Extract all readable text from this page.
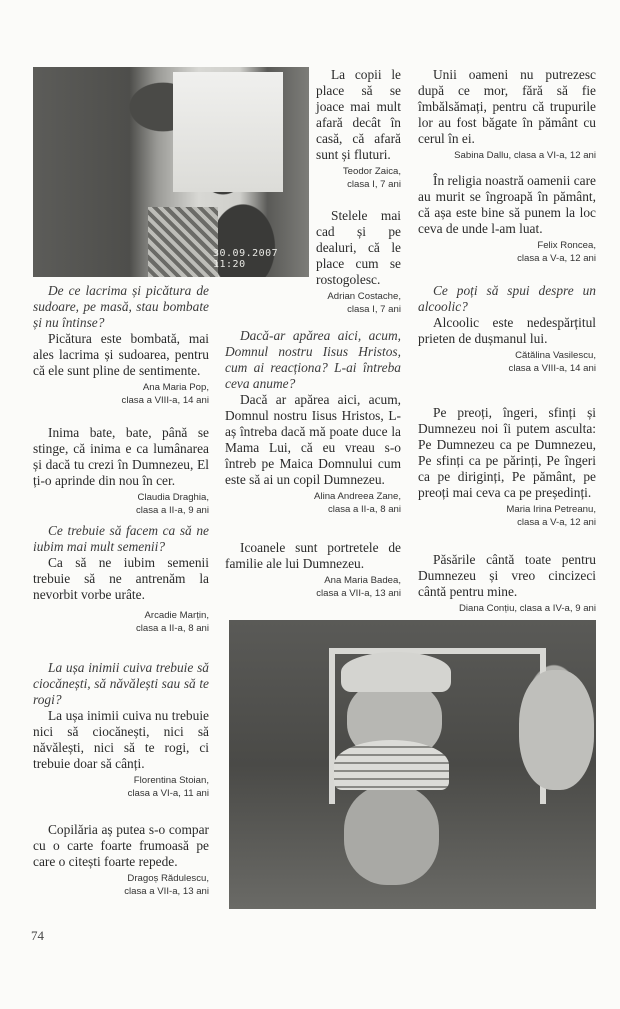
30.09.2007 11:20

De ce lacrima și picătura de sudoare, pe masă, stau bombate și nu întinse?

Picătura este bombată, mai ales lacrima și sudoarea, pentru că ele sunt pline de sentimente.

Ana Maria Pop,
clasa a VIII-a, 14 ani

Inima bate, bate, până se stinge, că inima e ca lumânarea și dacă tu crezi în Dumnezeu, El ți-o aprinde din nou în cer.

Claudia Draghia,
clasa a II-a, 9 ani

Ce trebuie să facem ca să ne iubim mai mult semenii?

Ca să ne iubim semenii trebuie să ne antrenăm la nevorbit vorbe urâte.

Arcadie Marțin,
clasa a II-a, 8 ani

La ușa inimii cuiva trebuie să ciocănești, să năvălești sau să te rogi?

La ușa inimii cuiva nu trebuie nici să ciocănești, nici să năvălești, nici să te rogi, ci trebuie doar să cânți.

Florentina Stoian,
clasa a VI-a, 11 ani

Copilăria aș putea s-o compar cu o carte foarte frumoasă pe care o citești foarte repede.

Dragoș Rădulescu,
clasa a VII-a, 13 ani

La copii le place să se joace mai mult afară decât în casă, că afară sunt și fluturi.

Teodor Zaica,
clasa I, 7 ani

Stelele mai cad și pe dealuri, că le place cum se rostogolesc.

Adrian Costache,
clasa I, 7 ani

Dacă-ar apărea aici, acum, Domnul nostru Iisus Hristos, cum ai reacționa? L-ai întreba ceva anume?

Dacă ar apărea aici, acum, Domnul nostru Iisus Hristos, L-aș întreba dacă mă poate duce la Mama Lui, că eu vreau s-o întreb pe Maica Domnului cum este să ai un copil Dumnezeu.

Alina Andreea Zane,
clasa a II-a, 8 ani

Icoanele sunt portretele de familie ale lui Dumnezeu.

Ana Maria Badea,
clasa a VII-a, 13 ani

Unii oameni nu putrezesc după ce mor, fără să fie îmbălsămați, pentru că trupurile lor au fost băgate în pământ cu cerul în ei.

Sabina Dallu, clasa a VI-a, 12 ani

În religia noastră oamenii care au murit se îngroapă în pământ, că așa este bine să punem la loc ceva de unde l-am luat.

Felix Roncea,
clasa a V-a, 12 ani

Ce poți să spui despre un alcoolic?

Alcoolic este nedespărțitul prieten de dușmanul lui.

Cătălina Vasilescu,
clasa a VIII-a, 14 ani

Pe preoți, îngeri, sfinți și Dumnezeu noi îi putem asculta: Pe Dumnezeu ca pe Dumnezeu, Pe sfinți ca pe părinți, Pe îngeri ca pe diriginți, Pe pământ, pe preoți mai ceva ca pe președinți.

Maria Irina Petreanu,
clasa a V-a, 12 ani

Păsările cântă toate pentru Dumnezeu și vreo cincizeci cântă pentru mine.

Diana Conțiu, clasa a IV-a, 9 ani
74
